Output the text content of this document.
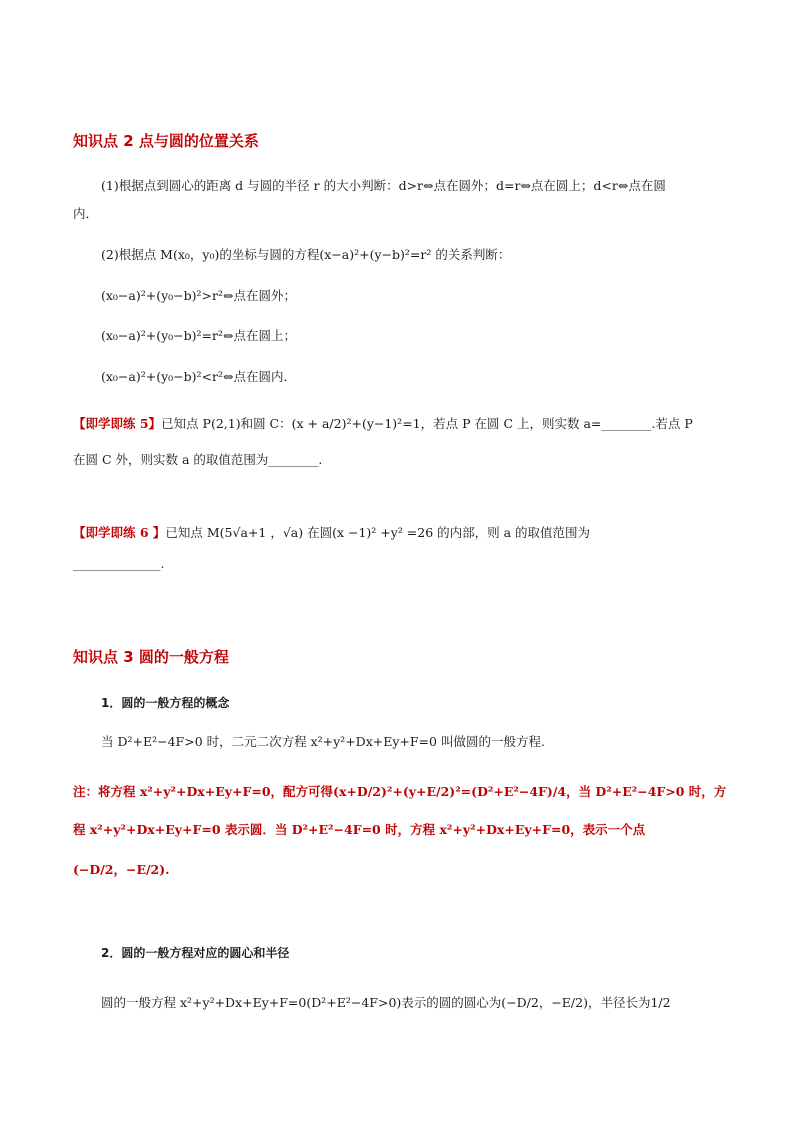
知识点 2 点与圆的位置关系
(1)根据点到圆心的距离 d 与圆的半径 r 的大小判断：d>r⇔点在圆外；d=r⇔点在圆上；d<r⇔点在圆
内．
(2)根据点 M(x₀，y₀)的坐标与圆的方程(x−a)²+(y−b)²=r² 的关系判断：
(x₀−a)²+(y₀−b)²>r²⇔点在圆外；
(x₀−a)²+(y₀−b)²=r²⇔点在圆上；
(x₀−a)²+(y₀−b)²<r²⇔点在圆内．
【即学即练 5】已知点 P(2,1)和圆 C：(x + a/2)²+(y−1)²=1，若点 P 在圆 C 上，则实数 a=________.若点 P
在圆 C 外，则实数 a 的取值范围为________.
【即学即练 6 】已知点 M(5√a+1 ，√a) 在圆(x −1)² +y² =26 的内部，则 a 的取值范围为
______________.
知识点 3 圆的一般方程
1．圆的一般方程的概念
当 D²+E²−4F>0 时，二元二次方程 x²+y²+Dx+Ey+F=0 叫做圆的一般方程.
注：将方程 x²+y²+Dx+Ey+F=0，配方可得(x+D/2)²+(y+E/2)²=(D²+E²−4F)/4，当 D²+E²−4F>0 时，方
程 x²+y²+Dx+Ey+F=0 表示圆．当 D²+E²−4F=0 时，方程 x²+y²+Dx+Ey+F=0，表示一个点
(−D/2，−E/2).
2．圆的一般方程对应的圆心和半径
圆的一般方程 x²+y²+Dx+Ey+F=0(D²+E²−4F>0)表示的圆的圆心为(−D/2，−E/2)，半径长为1/2
